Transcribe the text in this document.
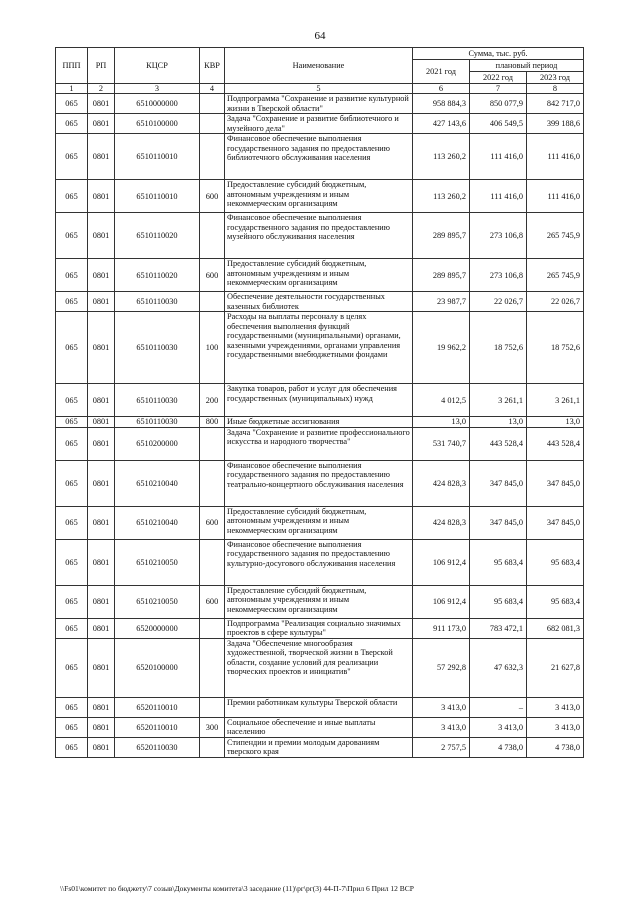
64
ППП	РП	КЦСР	КВР	Наименование	Сумма, тыс. руб.		
					2021 год	плановый период	
						2022 год	2023 год
1	2	3	4	5	6	7	8
065	0801	6510000000		Подпрограмма "Сохранение и развитие культурной жизни в Тверской области"	958 884,3	850 077,9	842 717,0
065	0801	6510100000		Задача "Сохранение и развитие библиотечного и музейного дела"	427 143,6	406 549,5	399 188,6
065	0801	6510110010		Финансовое обеспечение выполнения государственного задания по предоставлению библиотечного обслуживания населения	113 260,2	111 416,0	111 416,0
065	0801	6510110010	600	Предоставление субсидий бюджетным, автономным учреждениям и иным некоммерческим организациям	113 260,2	111 416,0	111 416,0
065	0801	6510110020		Финансовое обеспечение выполнения государственного задания по предоставлению музейного обслуживания населения	289 895,7	273 106,8	265 745,9
065	0801	6510110020	600	Предоставление субсидий бюджетным, автономным учреждениям и иным некоммерческим организациям	289 895,7	273 106,8	265 745,9
065	0801	6510110030		Обеспечение деятельности государственных казенных библиотек	23 987,7	22 026,7	22 026,7
065	0801	6510110030	100	Расходы на выплаты персоналу в целях обеспечения выполнения функций государственными (муниципальными) органами, казенными учреждениями, органами управления государственными внебюджетными фондами	19 962,2	18 752,6	18 752,6
065	0801	6510110030	200	Закупка товаров, работ и услуг для обеспечения государственных (муниципальных) нужд	4 012,5	3 261,1	3 261,1
065	0801	6510110030	800	Иные бюджетные ассигнования	13,0	13,0	13,0
065	0801	6510200000		Задача "Сохранение и развитие профессионального искусства и народного творчества"	531 740,7	443 528,4	443 528,4
065	0801	6510210040		Финансовое обеспечение выполнения государственного задания по предоставлению театрально-концертного обслуживания населения	424 828,3	347 845,0	347 845,0
065	0801	6510210040	600	Предоставление субсидий бюджетным, автономным учреждениям и иным некоммерческим организациям	424 828,3	347 845,0	347 845,0
065	0801	6510210050		Финансовое обеспечение выполнения государственного задания по предоставлению культурно-досугового обслуживания населения	106 912,4	95 683,4	95 683,4
065	0801	6510210050	600	Предоставление субсидий бюджетным, автономным учреждениям и иным некоммерческим организациям	106 912,4	95 683,4	95 683,4
065	0801	6520000000		Подпрограмма "Реализация социально значимых проектов в сфере культуры"	911 173,0	783 472,1	682 081,3
065	0801	6520100000		Задача "Обеспечение многообразия художественной, творческой жизни в Тверской области, создание условий для реализации творческих проектов и инициатив"	57 292,8	47 632,3	21 627,8
065	0801	6520110010		Премии работникам культуры Тверской области	3 413,0	–	3 413,0
065	0801	6520110010	300	Социальное обеспечение и иные выплаты населению	3 413,0	3 413,0	3 413,0
065	0801	6520110030		Стипендии и премии молодым дарованиям тверского края	2 757,5	4 738,0	4 738,0
\\Fs01\комитет по бюджету\7 созыв\Документы комитета\3 заседание (11)\рг\рг(3) 44-П-7\Прил 6 Прил 12 ВСР
